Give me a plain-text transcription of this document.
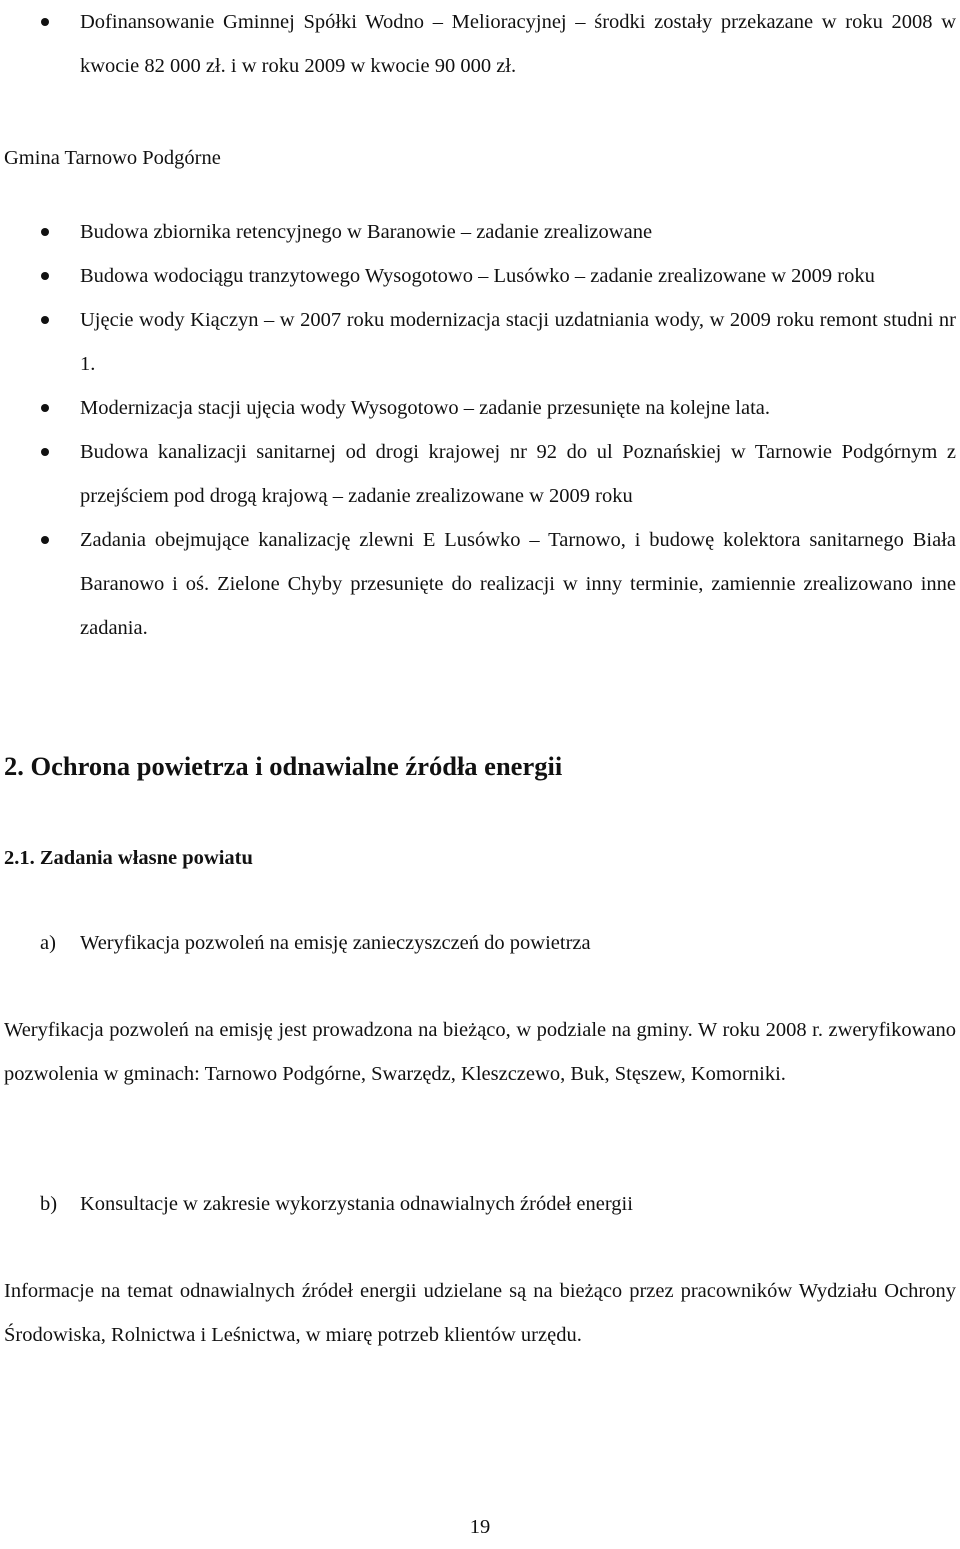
Dofinansowanie Gminnej Spółki Wodno – Melioracyjnej – środki zostały przekazane w roku 2008 w kwocie 82 000 zł. i w roku 2009 w kwocie 90 000 zł.

Gmina Tarnowo Podgórne

Budowa zbiornika retencyjnego w Baranowie – zadanie zrealizowane
Budowa wodociągu tranzytowego Wysogotowo – Lusówko – zadanie zrealizowane w 2009 roku
Ujęcie wody Kiączyn – w 2007 roku modernizacja stacji uzdatniania wody, w 2009 roku remont studni nr 1.
Modernizacja stacji ujęcia wody Wysogotowo – zadanie przesunięte na kolejne lata.
Budowa kanalizacji sanitarnej od drogi krajowej nr 92 do ul Poznańskiej w Tarnowie Podgórnym z przejściem pod drogą krajową – zadanie zrealizowane w 2009 roku
Zadania obejmujące kanalizację zlewni E Lusówko – Tarnowo, i budowę kolektora sanitarnego Biała Baranowo i oś. Zielone Chyby przesunięte do realizacji w inny terminie, zamiennie zrealizowano inne zadania.
2. Ochrona powietrza i odnawialne źródła energii
2.1. Zadania własne powiatu

a) Weryfikacja pozwoleń na emisję zanieczyszczeń do powietrza

Weryfikacja pozwoleń na emisję jest prowadzona na bieżąco, w podziale na gminy. W roku 2008 r. zweryfikowano pozwolenia w gminach: Tarnowo Podgórne, Swarzędz, Kleszczewo, Buk, Stęszew, Komorniki.

b) Konsultacje w zakresie wykorzystania odnawialnych źródeł energii

Informacje na temat odnawialnych źródeł energii udzielane są na bieżąco przez pracowników Wydziału Ochrony Środowiska, Rolnictwa i Leśnictwa, w miarę potrzeb klientów urzędu.

19
